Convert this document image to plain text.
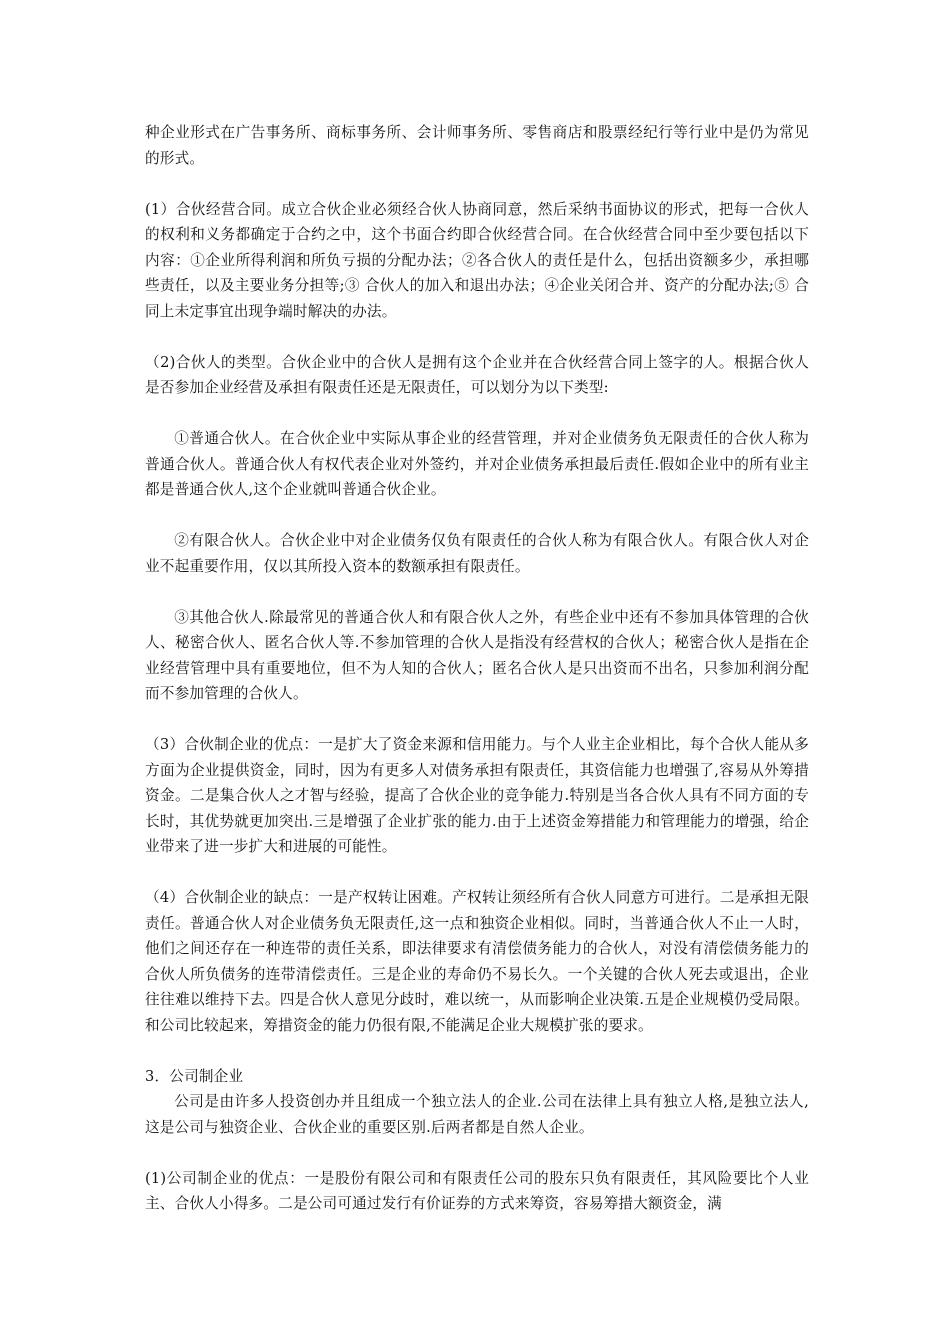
种企业形式在广告事务所、商标事务所、会计师事务所、零售商店和股票经纪行等行业中是仍为常见的形式。

(1）合伙经营合同。成立合伙企业必须经合伙人协商同意，然后采纳书面协议的形式，把每一合伙人的权利和义务都确定于合约之中，这个书面合约即合伙经营合同。在合伙经营合同中至少要包括以下内容：①企业所得利润和所负亏损的分配办法；②各合伙人的责任是什么，包括出资额多少，承担哪些责任，以及主要业务分担等;③ 合伙人的加入和退出办法；④企业关闭合并、资产的分配办法;⑤ 合同上未定事宜出现争端时解决的办法。

（2)合伙人的类型。合伙企业中的合伙人是拥有这个企业并在合伙经营合同上签字的人。根据合伙人是否参加企业经营及承担有限责任还是无限责任，可以划分为以下类型:

①普通合伙人。在合伙企业中实际从事企业的经营管理，并对企业债务负无限责任的合伙人称为普通合伙人。普通合伙人有权代表企业对外签约，并对企业债务承担最后责任.假如企业中的所有业主都是普通合伙人,这个企业就叫普通合伙企业。

②有限合伙人。合伙企业中对企业债务仅负有限责任的合伙人称为有限合伙人。有限合伙人对企业不起重要作用，仅以其所投入资本的数额承担有限责任。

③其他合伙人.除最常见的普通合伙人和有限合伙人之外，有些企业中还有不参加具体管理的合伙人、秘密合伙人、匿名合伙人等.不参加管理的合伙人是指没有经营权的合伙人；秘密合伙人是指在企业经营管理中具有重要地位，但不为人知的合伙人；匿名合伙人是只出资而不出名，只参加利润分配而不参加管理的合伙人。

（3）合伙制企业的优点：一是扩大了资金来源和信用能力。与个人业主企业相比，每个合伙人能从多方面为企业提供资金，同时，因为有更多人对债务承担有限责任，其资信能力也增强了,容易从外筹措资金。二是集合伙人之才智与经验，提高了合伙企业的竞争能力.特别是当各合伙人具有不同方面的专长时，其优势就更加突出.三是增强了企业扩张的能力.由于上述资金筹措能力和管理能力的增强，给企业带来了进一步扩大和进展的可能性。

（4）合伙制企业的缺点：一是产权转让困难。产权转让须经所有合伙人同意方可进行。二是承担无限责任。普通合伙人对企业债务负无限责任,这一点和独资企业相似。同时，当普通合伙人不止一人时，他们之间还存在一种连带的责任关系，即法律要求有清偿债务能力的合伙人，对没有清偿债务能力的合伙人所负债务的连带清偿责任。三是企业的寿命仍不易长久。一个关键的合伙人死去或退出，企业往往难以维持下去。四是合伙人意见分歧时，难以统一，从而影响企业决策.五是企业规模仍受局限。和公司比较起来，筹措资金的能力仍很有限,不能满足企业大规模扩张的要求。

3．公司制企业

公司是由许多人投资创办并且组成一个独立法人的企业.公司在法律上具有独立人格,是独立法人,这是公司与独资企业、合伙企业的重要区别.后两者都是自然人企业。

(1)公司制企业的优点：一是股份有限公司和有限责任公司的股东只负有限责任，其风险要比个人业主、合伙人小得多。二是公司可通过发行有价证券的方式来筹资，容易筹措大额资金，满
